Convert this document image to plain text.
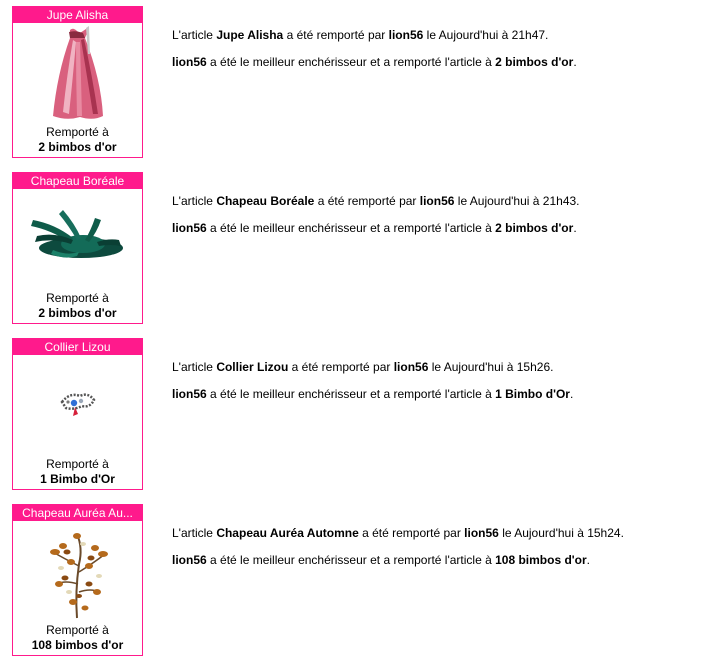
Jupe Alisha
Remporté à
2 bimbos d'or

L'article Jupe Alisha a été remporté par lion56 le Aujourd'hui à 21h47.

lion56 a été le meilleur enchérisseur et a remporté l'article à 2 bimbos d'or.

Chapeau Boréale
Remporté à
2 bimbos d'or

L'article Chapeau Boréale a été remporté par lion56 le Aujourd'hui à 21h43.

lion56 a été le meilleur enchérisseur et a remporté l'article à 2 bimbos d'or.

Collier Lizou
Remporté à
1 Bimbo d'Or

L'article Collier Lizou a été remporté par lion56 le Aujourd'hui à 15h26.

lion56 a été le meilleur enchérisseur et a remporté l'article à 1 Bimbo d'Or.

Chapeau Auréa Au...
Remporté à
108 bimbos d'or

L'article Chapeau Auréa Automne a été remporté par lion56 le Aujourd'hui à 15h24.

lion56 a été le meilleur enchérisseur et a remporté l'article à 108 bimbos d'or.
